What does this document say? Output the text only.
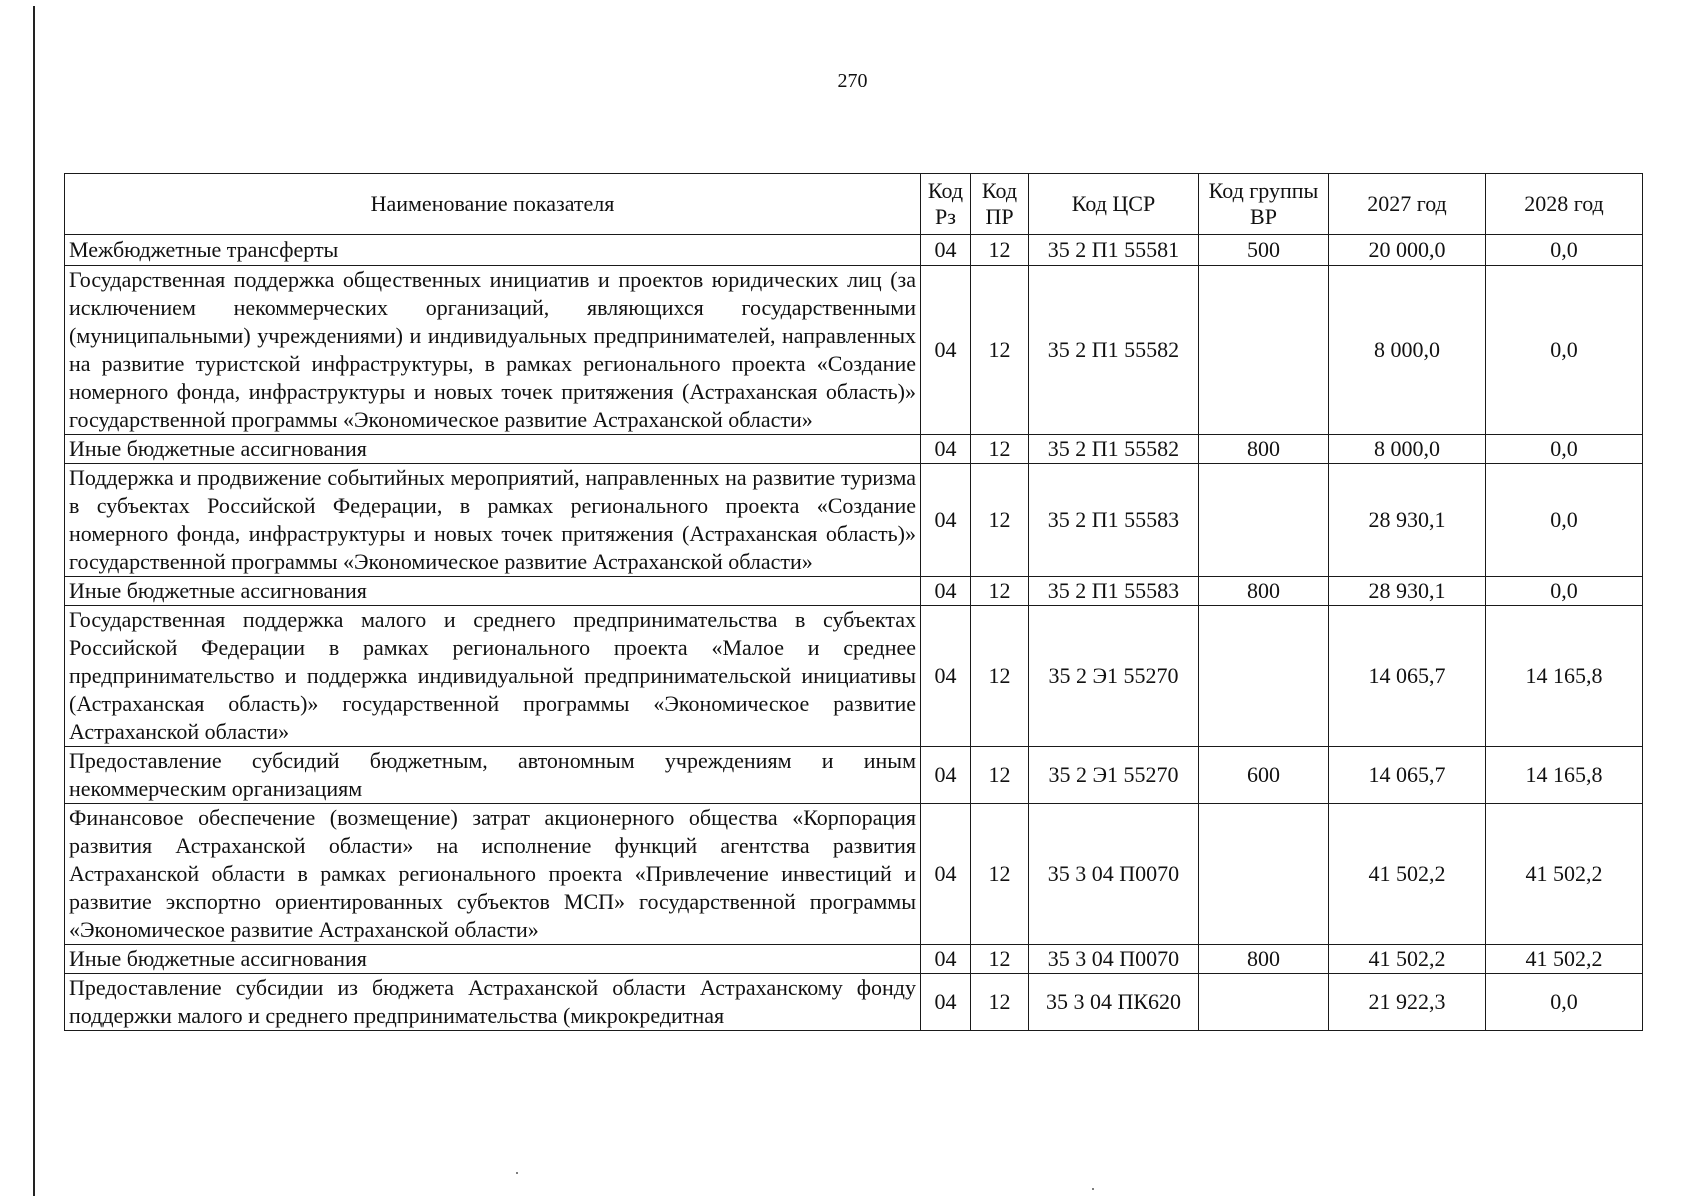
270
Наименование показателя	Код Рз	Код ПР	Код ЦСР	Код группы ВР	2027 год	2028 год
Межбюджетные трансферты	04	12	35 2 П1 55581	500	20 000,0	0,0
Государственная поддержка общественных инициатив и проектов юридических лиц (за исключением некоммерческих организаций, являющихся государственными (муниципальными) учреждениями) и индивидуальных предпринимателей, направленных на развитие туристской инфраструктуры, в рамках регионального проекта «Создание номерного фонда, инфраструктуры и новых точек притяжения (Астраханская область)» государственной программы «Экономическое развитие Астраханской области»	04	12	35 2 П1 55582		8 000,0	0,0
Иные бюджетные ассигнования	04	12	35 2 П1 55582	800	8 000,0	0,0
Поддержка и продвижение событийных мероприятий, направленных на развитие туризма в субъектах Российской Федерации, в рамках регионального проекта «Создание номерного фонда, инфраструктуры и новых точек притяжения (Астраханская область)» государственной программы «Экономическое развитие Астраханской области»	04	12	35 2 П1 55583		28 930,1	0,0
Иные бюджетные ассигнования	04	12	35 2 П1 55583	800	28 930,1	0,0
Государственная поддержка малого и среднего предпринимательства в субъектах Российской Федерации в рамках регионального проекта «Малое и среднее предпринимательство и поддержка индивидуальной предпринимательской инициативы (Астраханская область)» государственной программы «Экономическое развитие Астраханской области»	04	12	35 2 Э1 55270		14 065,7	14 165,8
Предоставление субсидий бюджетным, автономным учреждениям и иным некоммерческим организациям	04	12	35 2 Э1 55270	600	14 065,7	14 165,8
Финансовое обеспечение (возмещение) затрат акционерного общества «Корпорация развития Астраханской области» на исполнение функций агентства развития Астраханской области в рамках регионального проекта «Привлечение инвестиций и развитие экспортно ориентированных субъектов МСП» государственной программы «Экономическое развитие Астраханской области»	04	12	35 3 04 П0070		41 502,2	41 502,2
Иные бюджетные ассигнования	04	12	35 3 04 П0070	800	41 502,2	41 502,2
Предоставление субсидии из бюджета Астраханской области Астраханскому фонду поддержки малого и среднего предпринимательства (микрокредитная	04	12	35 3 04 ПК620		21 922,3	0,0
